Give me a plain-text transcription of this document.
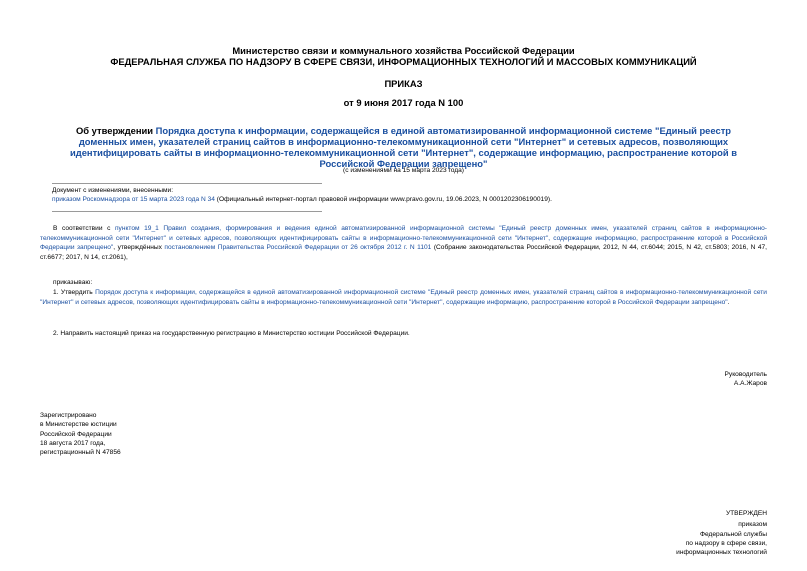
Министерство связи и коммунального хозяйства Российской Федерации
ФЕДЕРАЛЬНАЯ СЛУЖБА ПО НАДЗОРУ В СФЕРЕ СВЯЗИ, ИНФОРМАЦИОННЫХ ТЕХНОЛОГИЙ И МАССОВЫХ КОММУНИКАЦИЙ
ПРИКАЗ
от 9 июня 2017 года N 100
Об утверждении Порядка доступа к информации, содержащейся в единой автоматизированной информационной системе "Единый реестр доменных имен, указателей страниц сайтов в информационно-телекоммуникационной сети "Интернет" и сетевых адресов, позволяющих идентифицировать сайты в информационно-телекоммуникационной сети "Интернет", содержащие информацию, распространение которой в Российской Федерации запрещено"
(с изменениями на 15 марта 2023 года)
Документ с изменениями, внесенными:
приказом Роскомнадзора от 15 марта 2023 года N 34 (Официальный интернет-портал правовой информации www.pravo.gov.ru, 19.06.2023, N 0001202306190019).
В соответствии с пунктом 19_1 Правил создания, формирования и ведения единой автоматизированной информационной системы "Единый реестр доменных имен, указателей страниц сайтов в информационно-телекоммуникационной сети "Интернет" и сетевых адресов, позволяющих идентифицировать сайты в информационно-телекоммуникационной сети "Интернет", содержащие информацию, распространение которой в Российской Федерации запрещено", утверждённых постановлением Правительства Российской Федерации от 26 октября 2012 г. N 1101 (Собрание законодательства Российской Федерации, 2012, N 44, ст.6044; 2015, N 42, ст.5803; 2016, N 47, ст.6677; 2017, N 14, ст.2061),
приказываю:
1. Утвердить Порядок доступа к информации, содержащейся в единой автоматизированной информационной системе "Единый реестр доменных имен, указателей страниц сайтов в информационно-телекоммуникационной сети "Интернет" и сетевых адресов, позволяющих идентифицировать сайты в информационно-телекоммуникационной сети "Интернет", содержащие информацию, распространение которой в Российской Федерации запрещено".
2. Направить настоящий приказ на государственную регистрацию в Министерство юстиции Российской Федерации.
Руководитель
А.А.Жаров
Зарегистрировано
в Министерстве юстиции
Российской Федерации
18 августа 2017 года,
регистрационный N 47856
УТВЕРЖДЕН
приказом
Федеральной службы
по надзору в сфере связи,
информационных технологий
